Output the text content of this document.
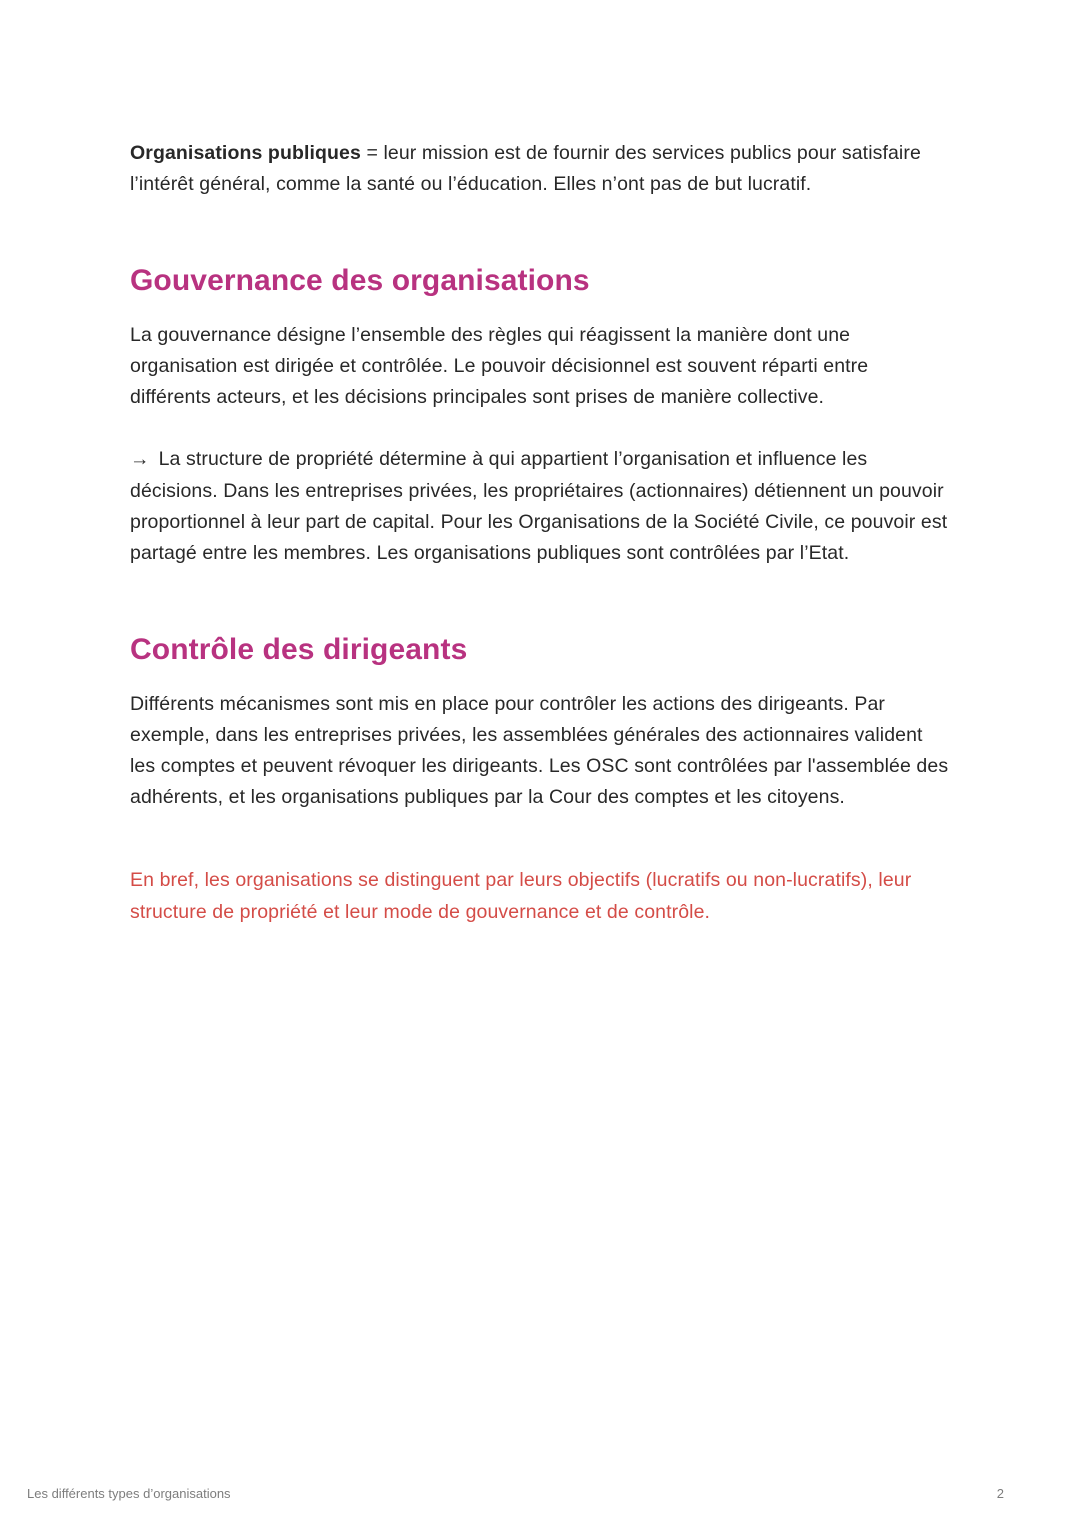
Organisations publiques = leur mission est de fournir des services publics pour satisfaire l’intérêt général, comme la santé ou l’éducation. Elles n’ont pas de but lucratif.

Gouvernance des organisations

La gouvernance désigne l’ensemble des règles qui réagissent la manière dont une organisation est dirigée et contrôlée. Le pouvoir décisionnel est souvent réparti entre différents acteurs, et les décisions principales sont prises de manière collective.

→ La structure de propriété détermine à qui appartient l’organisation et influence les décisions. Dans les entreprises privées, les propriétaires (actionnaires) détiennent un pouvoir proportionnel à leur part de capital. Pour les Organisations de la Société Civile, ce pouvoir est partagé entre les membres. Les organisations publiques sont contrôlées par l’Etat.

Contrôle des dirigeants

Différents mécanismes sont mis en place pour contrôler les actions des dirigeants. Par exemple, dans les entreprises privées, les assemblées générales des actionnaires valident les comptes et peuvent révoquer les dirigeants. Les OSC sont contrôlées par l'assemblée des adhérents, et les organisations publiques par la Cour des comptes et les citoyens.

En bref, les organisations se distinguent par leurs objectifs (lucratifs ou non-lucratifs), leur structure de propriété et leur mode de gouvernance et de contrôle.

Les différents types d’organisations	2
